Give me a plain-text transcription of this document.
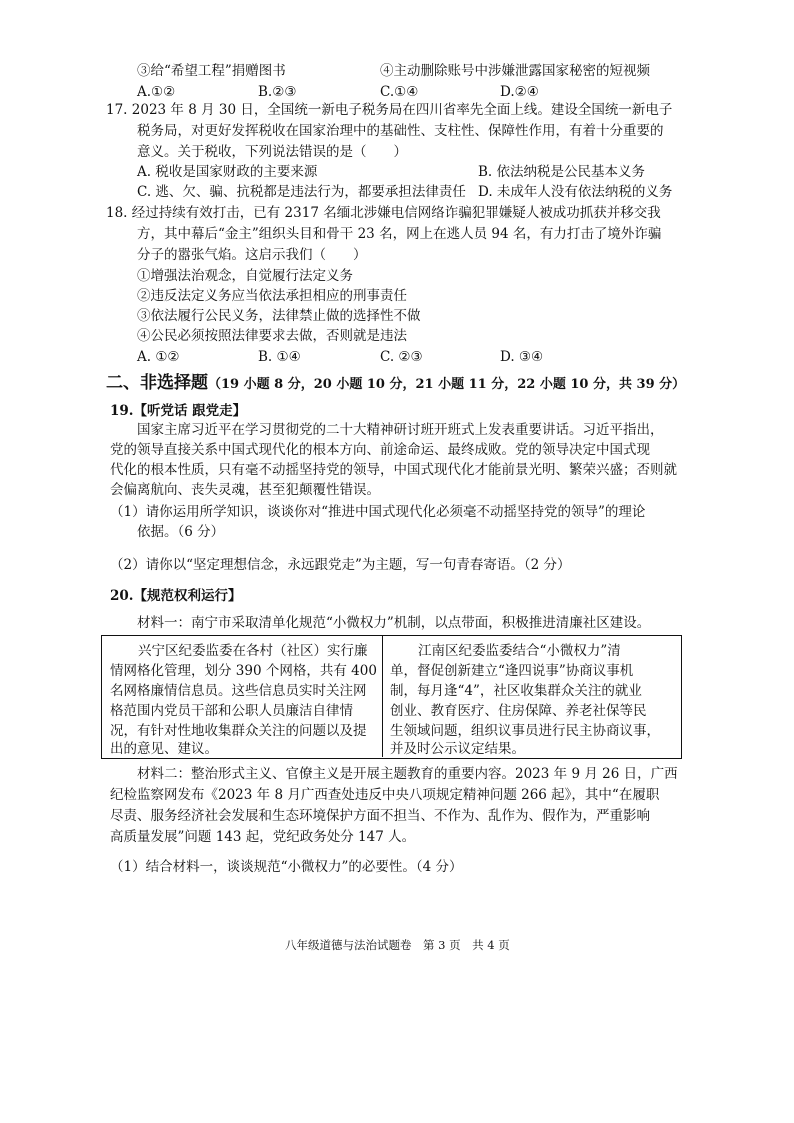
③给“希望工程”捐赠图书	④主动删除账号中涉嫌泄露国家秘密的短视频
A.①②	B.②③	C.①④	D.②④
17. 2023 年 8 月 30 日，全国统一新电子税务局在四川省率先全面上线。建设全国统一新电子
税务局，对更好发挥税收在国家治理中的基础性、支柱性、保障性作用，有着十分重要的
意义。关于税收，下列说法错误的是（　　）
A. 税收是国家财政的主要来源	B. 依法纳税是公民基本义务
C. 逃、欠、骗、抗税都是违法行为，都要承担法律责任 D. 未成年人没有依法纳税的义务
18. 经过持续有效打击，已有 2317 名缅北涉嫌电信网络诈骗犯罪嫌疑人被成功抓获并移交我
方，其中幕后“金主”组织头目和骨干 23 名，网上在逃人员 94 名，有力打击了境外诈骗
分子的嚣张气焰。这启示我们（　　）
①增强法治观念，自觉履行法定义务
②违反法定义务应当依法承担相应的刑事责任
③依法履行公民义务，法律禁止做的选择性不做
④公民必须按照法律要求去做，否则就是违法
A. ①②	B. ①④	C. ②③	D. ③④
二、非选择题（19 小题 8 分，20 小题 10 分，21 小题 11 分，22 小题 10 分，共 39 分）
19.【听党话 跟党走】
国家主席习近平在学习贯彻党的二十大精神研讨班开班式上发表重要讲话。习近平指出，
党的领导直接关系中国式现代化的根本方向、前途命运、最终成败。党的领导决定中国式现
代化的根本性质，只有毫不动摇坚持党的领导，中国式现代化才能前景光明、繁荣兴盛；否则就
会偏离航向、丧失灵魂，甚至犯颠覆性错误。
（1）请你运用所学知识，谈谈你对“推进中国式现代化必须毫不动摇坚持党的领导”的理论
依据。（6 分）
（2）请你以“坚定理想信念，永远跟党走”为主题，写一句青春寄语。（2 分）
20.【规范权利运行】
材料一：南宁市采取清单化规范“小微权力”机制，以点带面，积极推进清廉社区建设。
兴宁区纪委监委在各村（社区）实行廉
情网格化管理，划分 390 个网格，共有 400
名网格廉情信息员。这些信息员实时关注网
格范围内党员干部和公职人员廉洁自律情
况，有针对性地收集群众关注的问题以及提
出的意见、建议。
江南区纪委监委结合“小微权力”清
单，督促创新建立“逢四说事”协商议事机
制，每月逢“4”，社区收集群众关注的就业
创业、教育医疗、住房保障、养老社保等民
生领域问题，组织议事员进行民主协商议事，
并及时公示议定结果。
材料二：整治形式主义、官僚主义是开展主题教育的重要内容。2023 年 9 月 26 日，广西
纪检监察网发布《2023 年 8 月广西查处违反中央八项规定精神问题 266 起》，其中“在履职
尽责、服务经济社会发展和生态环境保护方面不担当、不作为、乱作为、假作为，严重影响
高质量发展”问题 143 起，党纪政务处分 147 人。
（1）结合材料一，谈谈规范“小微权力”的必要性。（4 分）
八年级道德与法治试题卷　第 3 页　共 4 页
